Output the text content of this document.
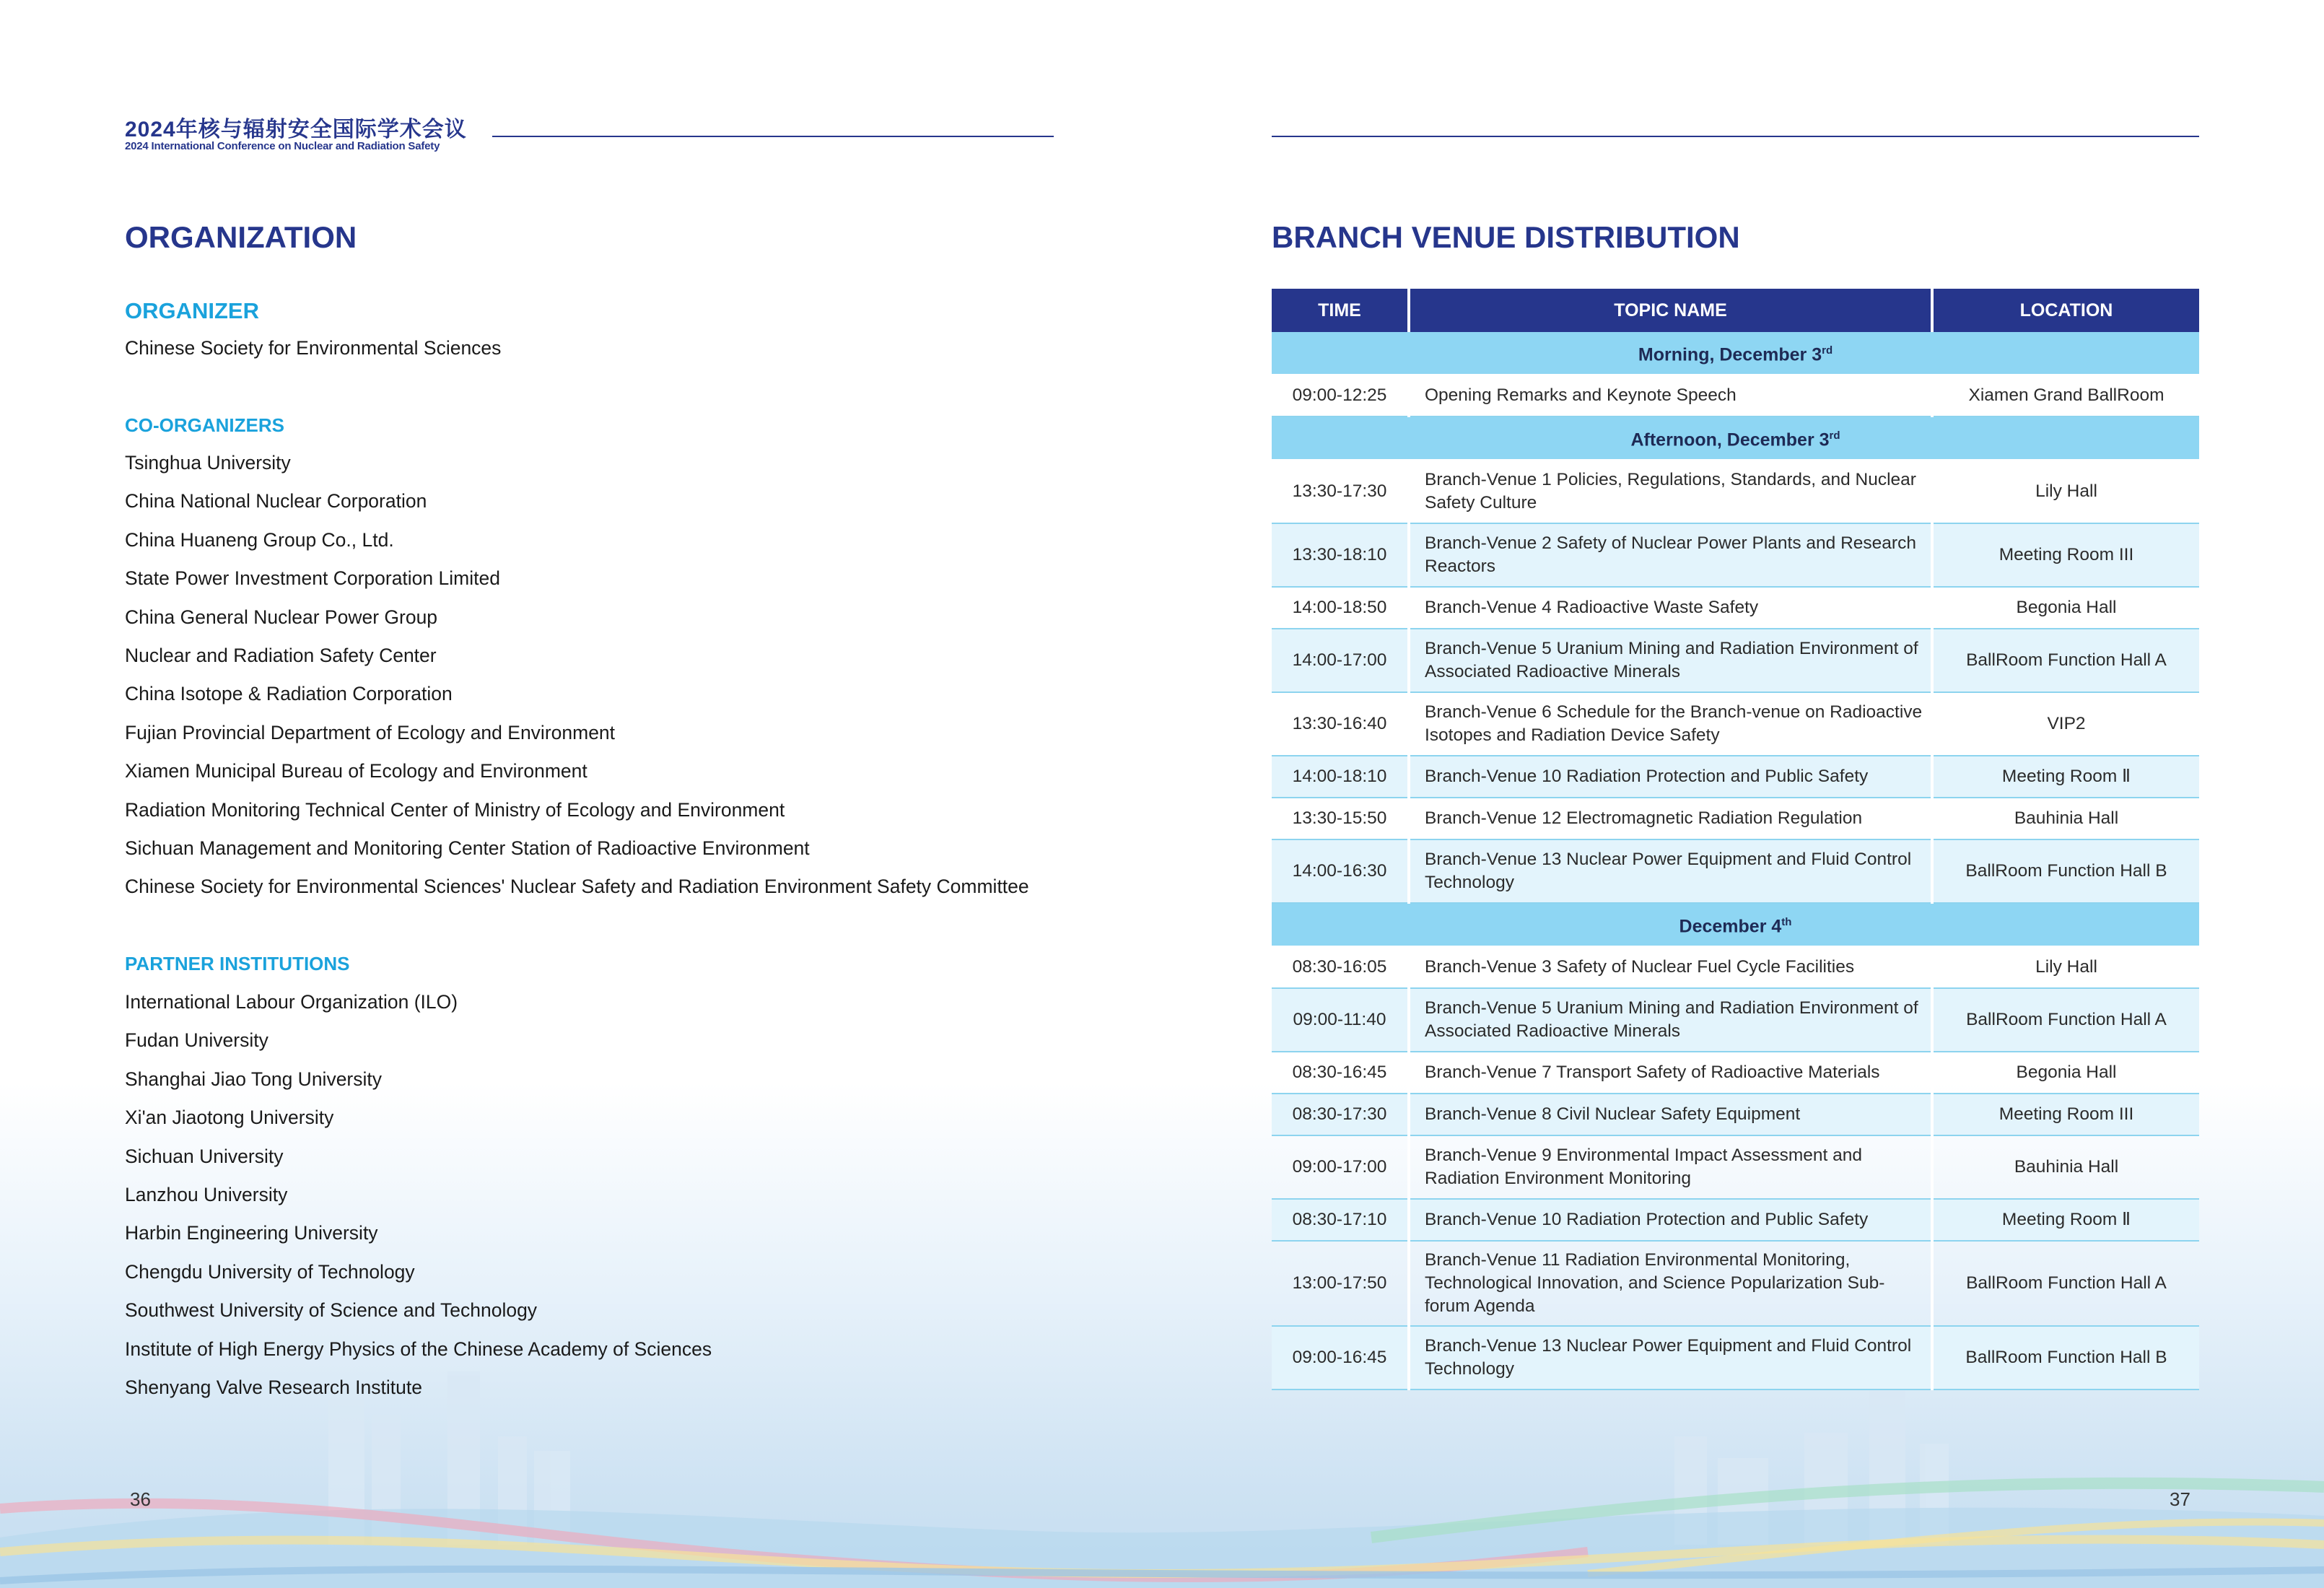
2024年核与辐射安全国际学术会议
2024 International Conference on Nuclear and Radiation Safety
ORGANIZATION
ORGANIZER
Chinese Society for Environmental Sciences
CO-ORGANIZERS
Tsinghua University
China National Nuclear Corporation
China Huaneng Group Co., Ltd.
State Power Investment Corporation Limited
China General Nuclear Power Group
Nuclear and Radiation Safety Center
China Isotope & Radiation Corporation
Fujian Provincial Department of Ecology and Environment
Xiamen Municipal Bureau of Ecology and Environment
Radiation Monitoring Technical Center of Ministry of Ecology and Environment
Sichuan Management and Monitoring Center Station of Radioactive Environment
Chinese Society for Environmental Sciences' Nuclear Safety and Radiation Environment Safety Committee
PARTNER INSTITUTIONS
International Labour Organization (ILO)
Fudan University
Shanghai Jiao Tong University
Xi'an Jiaotong University
Sichuan University
Lanzhou University
Harbin Engineering University
Chengdu University of Technology
Southwest University of Science and Technology
Institute of High Energy Physics of the Chinese Academy of Sciences
Shenyang Valve Research Institute
36
BRANCH VENUE DISTRIBUTION
TIME	TOPIC NAME	LOCATION
Morning, December 3rd
09:00-12:25	Opening Remarks and Keynote Speech	Xiamen Grand BallRoom
Afternoon, December 3rd
13:30-17:30	Branch-Venue 1 Policies, Regulations, Standards, and Nuclear Safety Culture	Lily Hall
13:30-18:10	Branch-Venue 2 Safety of Nuclear Power Plants and Research Reactors	Meeting Room III
14:00-18:50	Branch-Venue 4 Radioactive Waste Safety	Begonia Hall
14:00-17:00	Branch-Venue 5 Uranium Mining and Radiation Environment of Associated Radioactive Minerals	BallRoom Function Hall A
13:30-16:40	Branch-Venue 6 Schedule for the Branch-venue on Radioactive Isotopes and Radiation Device Safety	VIP2
14:00-18:10	Branch-Venue 10 Radiation Protection and Public Safety	Meeting Room Ⅱ
13:30-15:50	Branch-Venue 12 Electromagnetic Radiation Regulation	Bauhinia Hall
14:00-16:30	Branch-Venue 13 Nuclear Power Equipment and Fluid Control Technology	BallRoom Function Hall B
December 4th
08:30-16:05	Branch-Venue 3 Safety of Nuclear Fuel Cycle Facilities	Lily Hall
09:00-11:40	Branch-Venue 5 Uranium Mining and Radiation Environment of Associated Radioactive Minerals	BallRoom Function Hall A
08:30-16:45	Branch-Venue 7 Transport Safety of Radioactive Materials	Begonia Hall
08:30-17:30	Branch-Venue 8 Civil Nuclear Safety Equipment	Meeting Room III
09:00-17:00	Branch-Venue 9 Environmental Impact Assessment and Radiation Environment Monitoring	Bauhinia Hall
08:30-17:10	Branch-Venue 10 Radiation Protection and Public Safety	Meeting Room Ⅱ
13:00-17:50	Branch-Venue 11 Radiation Environmental Monitoring, Technological Innovation, and Science Popularization Sub-forum Agenda	BallRoom Function Hall A
09:00-16:45	Branch-Venue 13 Nuclear Power Equipment and Fluid Control Technology	BallRoom Function Hall B
37
